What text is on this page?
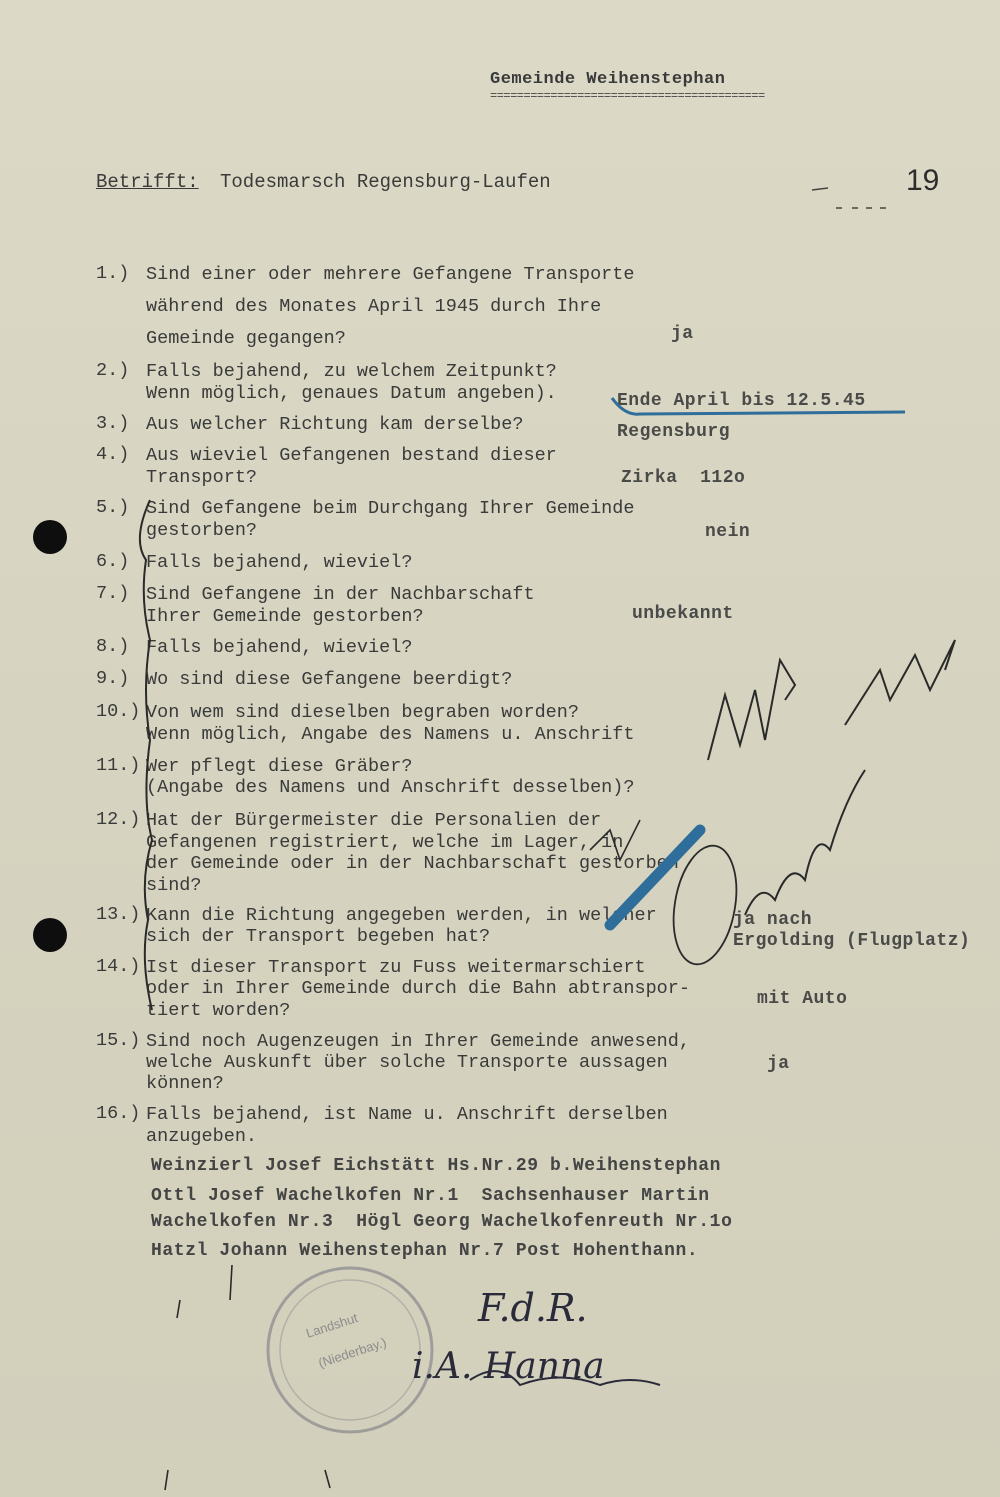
Gemeinde Weihenstephan
=========================================
Betrifft: Todesmarsch Regensburg-Laufen	19
1.) Sind einer oder mehrere Gefangene Transporte
während des Monates April 1945 durch Ihre
Gemeinde gegangen?	ja
2.) Falls bejahend, zu welchem Zeitpunkt?
Wenn möglich, genaues Datum angeben).	Ende April bis 12.5.45
3.) Aus welcher Richtung kam derselbe?	Regensburg
4.) Aus wieviel Gefangenen bestand dieser
Transport?	Zirka  112o
5.) Sind Gefangene beim Durchgang Ihrer Gemeinde
gestorben?	nein
6.) Falls bejahend, wieviel?
7.) Sind Gefangene in der Nachbarschaft
Ihrer Gemeinde gestorben?	unbekannt
8.) Falls bejahend, wieviel?
9.) Wo sind diese Gefangene beerdigt?
10.) Von wem sind dieselben begraben worden?
Wenn möglich, Angabe des Namens u. Anschrift
11.) Wer pflegt diese Gräber?
(Angabe des Namens und Anschrift desselben)?
12.) Hat der Bürgermeister die Personalien der
Gefangenen registriert, welche im Lager, in
der Gemeinde oder in der Nachbarschaft gestorben
sind?
13.) Kann die Richtung angegeben werden, in welcher
sich der Transport begeben hat?
ja nach
Ergolding (Flugplatz)
14.) Ist dieser Transport zu Fuss weitermarschiert
oder in Ihrer Gemeinde durch die Bahn abtranspor-
tiert worden?
mit Auto
15.) Sind noch Augenzeugen in Ihrer Gemeinde anwesend,
welche Auskunft über solche Transporte aussagen
können?
ja
16.) Falls bejahend, ist Name u. Anschrift derselben
anzugeben.
Weinzierl Josef Eichstätt Hs.Nr.29 b.Weihenstephan
Ottl Josef Wachelkofen Nr.1  Sachsenhauser Martin
Wachelkofen Nr.3  Högl Georg Wachelkofenreuth Nr.1o
Hatzl Johann Weihenstephan Nr.7 Post Hohenthann.
Landshut
(Niederbay.)
F.d.R.
i.A. Hanna
